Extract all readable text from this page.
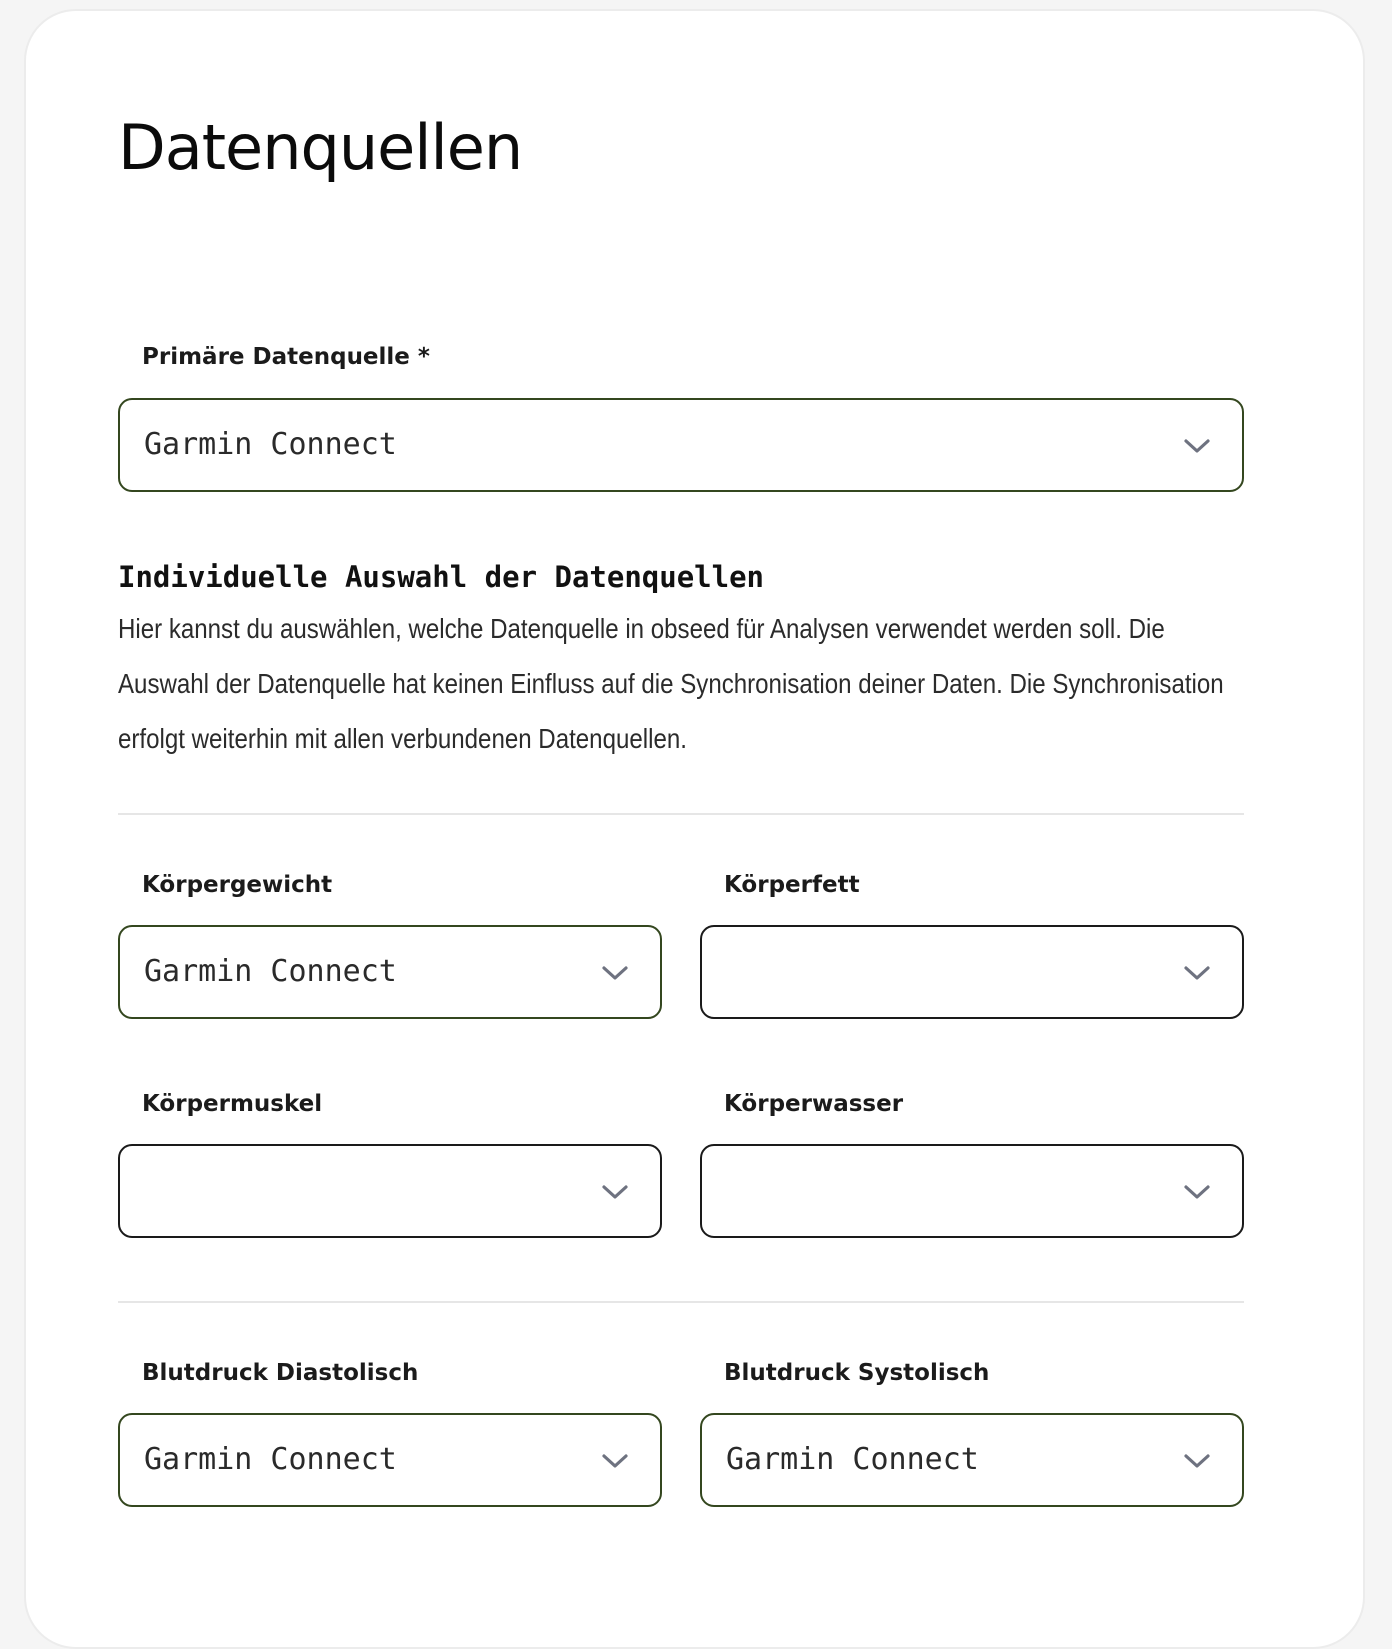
Datenquellen
Primäre Datenquelle *
Garmin Connect
Individuelle Auswahl der Datenquellen

Hier kannst du auswählen, welche Datenquelle in obseed für Analysen verwendet werden soll. Die Auswahl der Datenquelle hat keinen Einfluss auf die Synchronisation deiner Daten. Die Synchronisation erfolgt weiterhin mit allen verbundenen Datenquellen.

Körpergewicht
Garmin Connect
Körperfett
Körpermuskel	Körperwasser
Blutdruck Diastolisch
Garmin Connect
Blutdruck Systolisch
Garmin Connect
